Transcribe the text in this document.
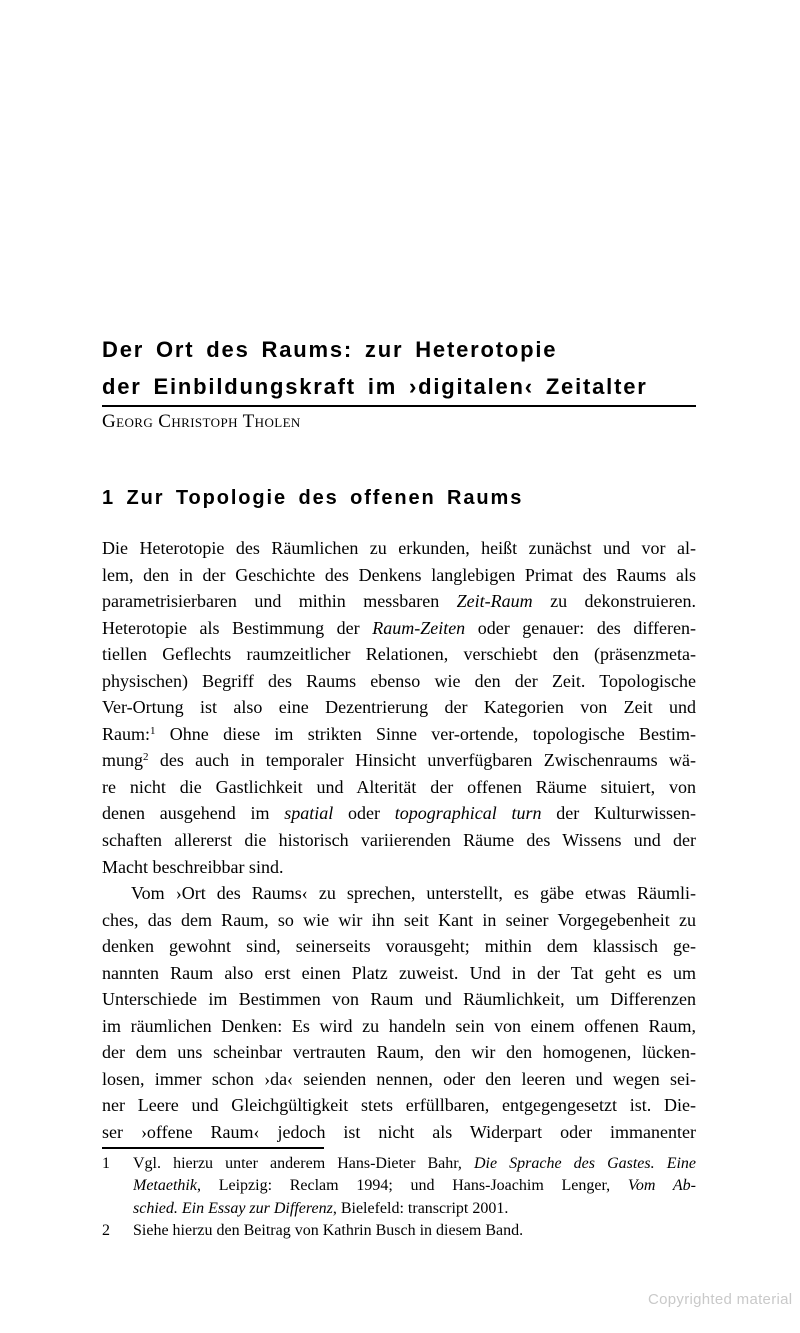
Der Ort des Raums: zur Heterotopie
der Einbildungskraft im ›digitalen‹ Zeitalter
Georg Christoph Tholen
1 Zur Topologie des offenen Raums
Die Heterotopie des Räumlichen zu erkunden, heißt zunächst und vor al-
lem, den in der Geschichte des Denkens langlebigen Primat des Raums als
parametrisierbaren und mithin messbaren Zeit-Raum zu dekonstruieren.
Heterotopie als Bestimmung der Raum-Zeiten oder genauer: des differen-
tiellen Geflechts raumzeitlicher Relationen, verschiebt den (präsenzmeta-
physischen) Begriff des Raums ebenso wie den der Zeit. Topologische
Ver-Ortung ist also eine Dezentrierung der Kategorien von Zeit und
Raum:$^1$ Ohne diese im strikten Sinne ver-ortende, topologische Bestim-
mung$^2$ des auch in temporaler Hinsicht unverfügbaren Zwischenraums wä-
re nicht die Gastlichkeit und Alterität der offenen Räume situiert, von
denen ausgehend im spatial oder topographical turn der Kulturwissen-
schaften allererst die historisch variierenden Räume des Wissens und der
Macht beschreibbar sind.
Vom ›Ort des Raums‹ zu sprechen, unterstellt, es gäbe etwas Räumli-
ches, das dem Raum, so wie wir ihn seit Kant in seiner Vorgegebenheit zu
denken gewohnt sind, seinerseits vorausgeht; mithin dem klassisch ge-
nannten Raum also erst einen Platz zuweist. Und in der Tat geht es um
Unterschiede im Bestimmen von Raum und Räumlichkeit, um Differenzen
im räumlichen Denken: Es wird zu handeln sein von einem offenen Raum,
der dem uns scheinbar vertrauten Raum, den wir den homogenen, lücken-
losen, immer schon ›da‹ seienden nennen, oder den leeren und wegen sei-
ner Leere und Gleichgültigkeit stets erfüllbaren, entgegengesetzt ist. Die-
ser ›offene Raum‹ jedoch ist nicht als Widerpart oder immanenter
1	Vgl. hierzu unter anderem Hans-Dieter Bahr, Die Sprache des Gastes. Eine
Metaethik, Leipzig: Reclam 1994; und Hans-Joachim Lenger, Vom Ab-
schied. Ein Essay zur Differenz, Bielefeld: transcript 2001.
2	Siehe hierzu den Beitrag von Kathrin Busch in diesem Band.
Copyrighted material
